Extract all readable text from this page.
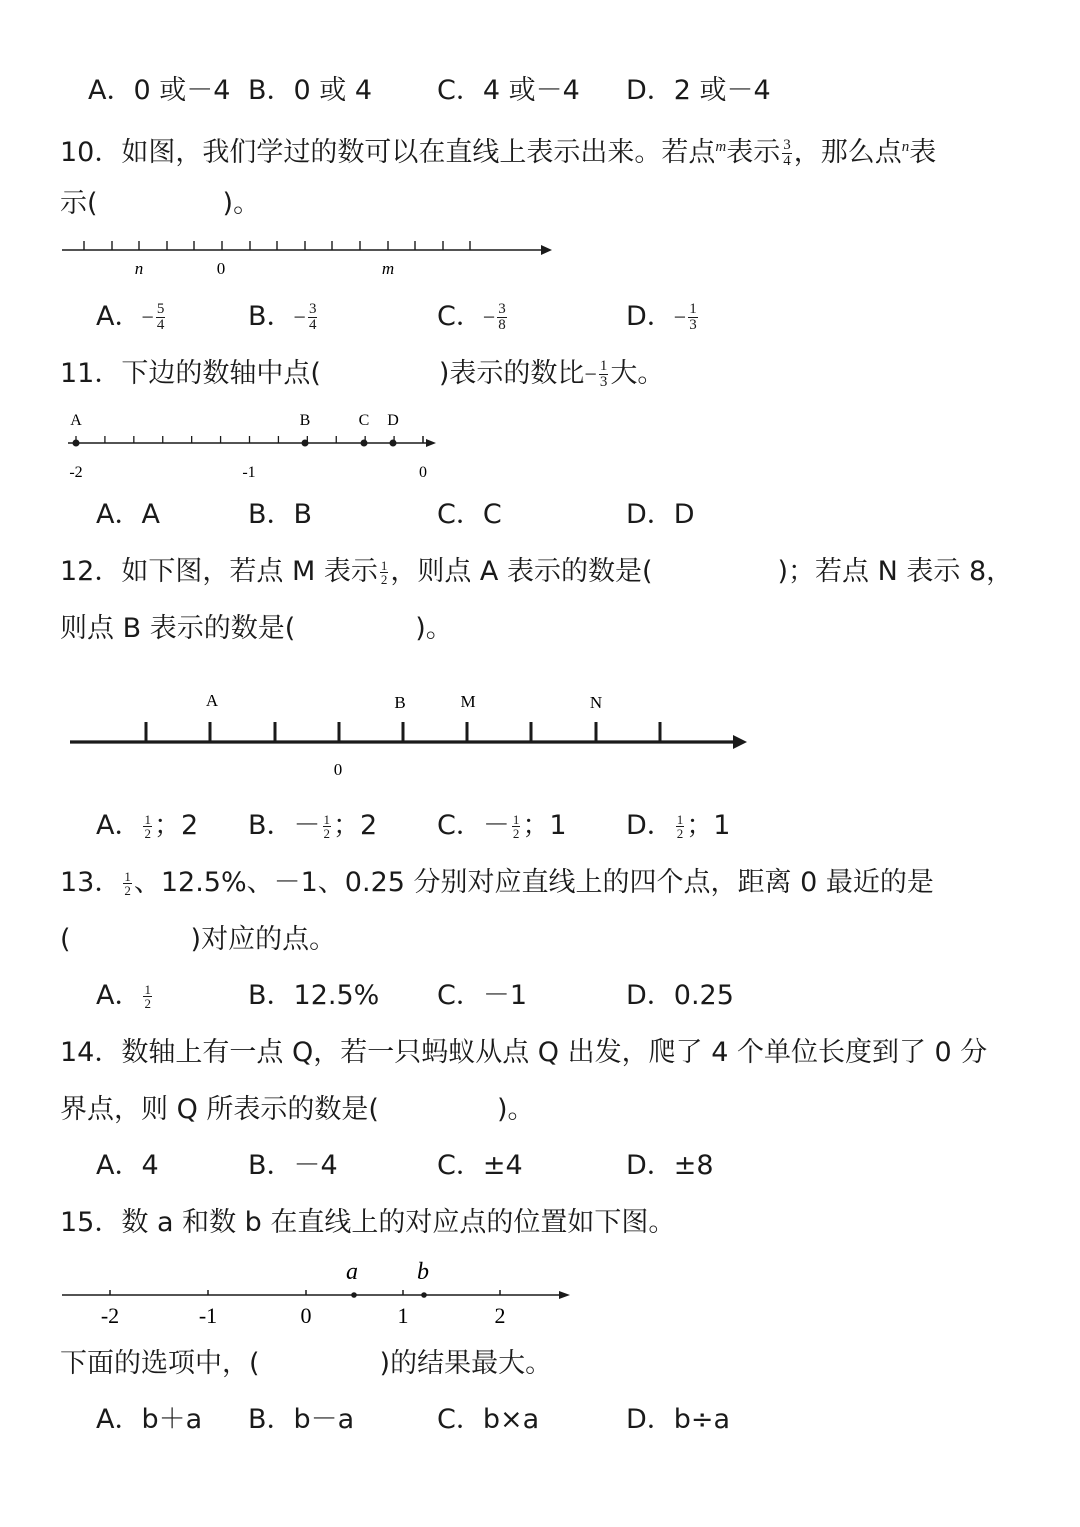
A．0 或－4 B．0 或 4 C．4 或－4 D．2 或－4
10．如图，我们学过的数可以在直线上表示出来。若点$^m$表示 $\frac{3}{4}$ ，那么点$^n$表
示(	)。
n	0	m
A．− $\frac{5}{4}$	B．− $\frac{3}{4}$	C．− $\frac{3}{8}$	D．− $\frac{1}{3}$
11．下边的数轴中点(	)表示的数比− $\frac{1}{3}$ 大。
A	B	C D
-2	-1	0
A．A	B．B	C．C	D．D
12．如下图，若点 M 表示 $\frac{1}{2}$ ，则点 A 表示的数是(	)；若点 N 表示 8，
则点 B 表示的数是(	)。
A	B	M	N
0
A． $\frac{1}{2}$ ；2 B．－ $\frac{1}{2}$ ；2 C．－ $\frac{1}{2}$ ；1 D． $\frac{1}{2}$ ；1
13． $\frac{1}{2}$ 、12.5%、－1、0.25 分别对应直线上的四个点，距离 0 最近的是
(	)对应的点。
A． $\frac{1}{2}$	B．12.5% C．－1	D．0.25
14．数轴上有一点 Q，若一只蚂蚁从点 Q 出发，爬了 4 个单位长度到了 0 分
界点，则 Q 所表示的数是(	)。
A．4	B．－4	C．±4	D．±8
15．数 a 和数 b 在直线上的对应点的位置如下图。
a b
-2	-1	0	1	2
下面的选项中，(	)的结果最大。
A．b＋a B．b－a	C．b×a	D．b÷a
